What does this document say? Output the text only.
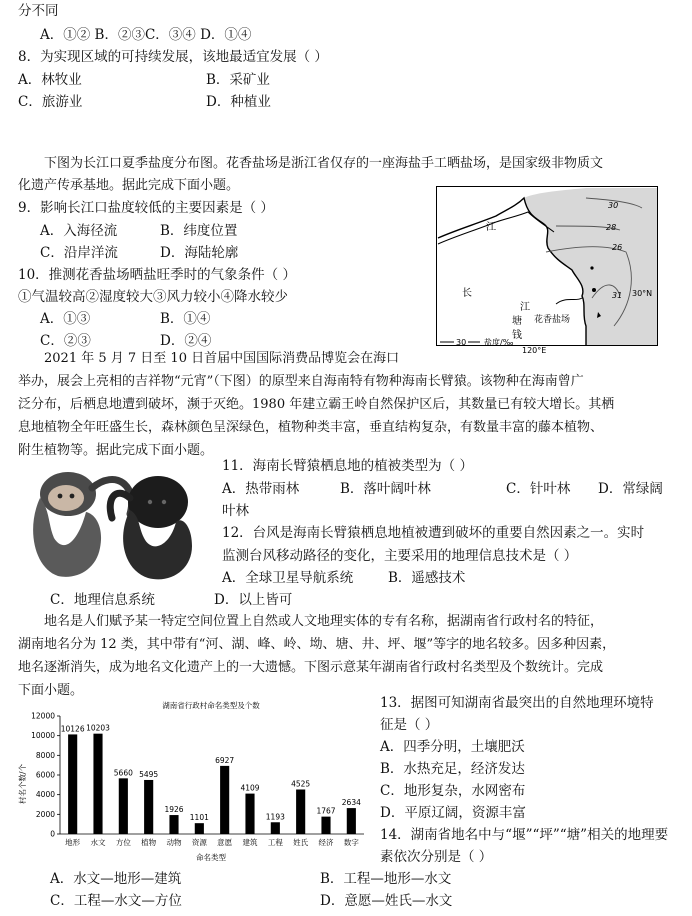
分不同
A．①② B．②③C．③④ D．①④
8．为实现区域的可持续发展，该地最适宜发展（ ）
A．林牧业	B．采矿业
C．旅游业	D．种植业
下图为长江口夏季盐度分布图。花香盐场是浙江省仅存的一座海盐手工晒盐场，是国家级非物质文
化遗产传承基地。据此完成下面小题。
9．影响长江口盐度较低的主要因素是（ ）
A．入海径流	B．纬度位置
C．沿岸洋流	D．海陆轮廓
10．推测花香盐场晒盐旺季时的气象条件（ ）
①气温较高②湿度较大③风力较小④降水较少
A．①③	B．①④
C．②③	D．②④
江
长
江
塘
钱
花香盐场
30
28
26
31 30°N
120°E
30 盐度/‰
2021 年 5 月 7 日至 10 日首届中国国际消费品博览会在海口
举办，展会上亮相的吉祥物“元宵”（下图）的原型来自海南特有物种海南长臂猿。该物种在海南曾广
泛分布，后栖息地遭到破坏，濒于灭绝。1980 年建立霸王岭自然保护区后，其数量已有较大增长。其栖
息地植物全年旺盛生长，森林颜色呈深绿色，植物种类丰富，垂直结构复杂，有数量丰富的藤本植物、
附生植物等。据此完成下面小题。
11．海南长臂猿栖息地的植被类型为（ ）
A．热带雨林	B．落叶阔叶林	C．针叶林 D．常绿阔
叶林
12．台风是海南长臂猿栖息地植被遭到破坏的重要自然因素之一。实时
监测台风移动路径的变化，主要采用的地理信息技术是（ ）
A．全球卫星导航系统	B．遥感技术
C．地理信息系统	D．以上皆可
地名是人们赋予某一特定空间位置上自然或人文地理实体的专有名称，据湖南省行政村名的特征，
湖南地名分为 12 类，其中带有“河、湖、峰、岭、坳、塘、井、坪、堰”等字的地名较多。因多种因素，
地名逐渐消失，成为地名文化遗产上的一大遗憾。下图示意某年湖南省行政村名类型及个数统计。完成
下面小题。
湖南省行政村命名类型及个数
村名个数/个
命名类型
0
2000
4000
6000
8000
10000
12000
10126
地形
10203
水文
5660
方位
5495
植物
1926
动物
1101
资源
6927
意愿
4109
建筑
1193
工程
4525
姓氏
1767
经济
2634
数字
13．据图可知湖南省最突出的自然地理环境特
征是（ ）
A．四季分明，土壤肥沃
B．水热充足，经济发达
C．地形复杂，水网密布
D．平原辽阔，资源丰富
14．湖南省地名中与“堰”“坪”“塘”相关的地理要
素依次分别是（ ）
A．水文—地形—建筑	B．工程—地形—水文
C．工程—水文—方位	D．意愿—姓氏—水文
